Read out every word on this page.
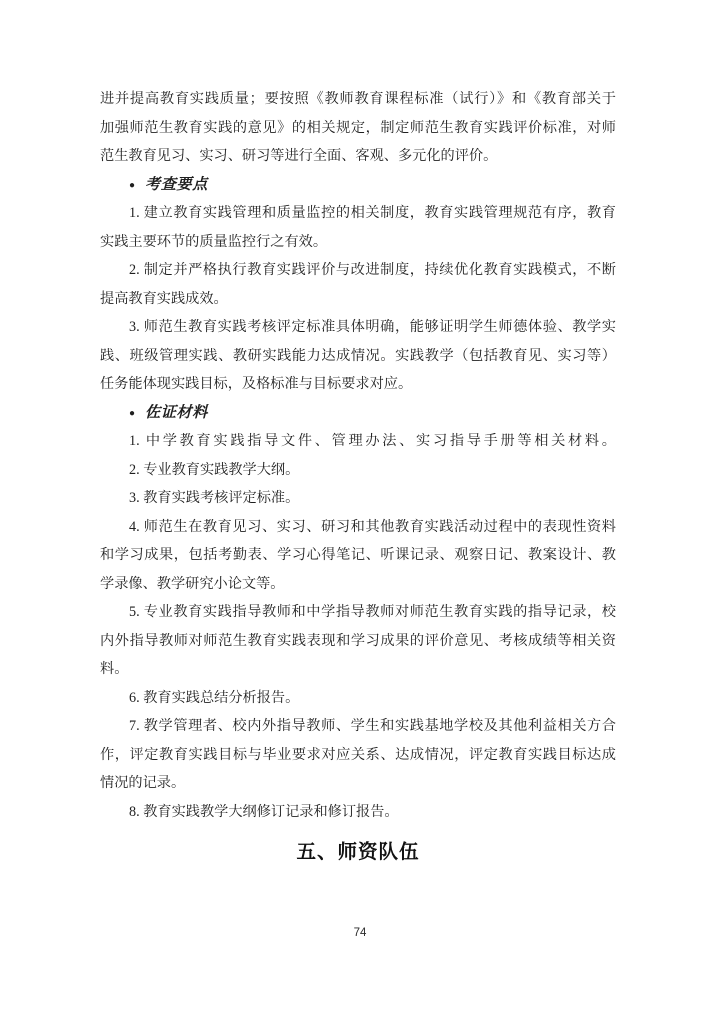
进并提高教育实践质量；要按照《教师教育课程标准（试行）》和《教育部关于
加强师范生教育实践的意见》的相关规定，制定师范生教育实践评价标准，对师
范生教育见习、实习、研习等进行全面、客观、多元化的评价。
● 考查要点
1. 建立教育实践管理和质量监控的相关制度，教育实践管理规范有序，教育
实践主要环节的质量监控行之有效。
2. 制定并严格执行教育实践评价与改进制度，持续优化教育实践模式，不断
提高教育实践成效。
3. 师范生教育实践考核评定标准具体明确，能够证明学生师德体验、教学实
践、班级管理实践、教研实践能力达成情况。实践教学（包括教育见、实习等）
任务能体现实践目标，及格标准与目标要求对应。
● 佐证材料
1. 中学教育实践指导文件、管理办法、实习指导手册等相关材料。
2. 专业教育实践教学大纲。
3. 教育实践考核评定标准。
4. 师范生在教育见习、实习、研习和其他教育实践活动过程中的表现性资料
和学习成果，包括考勤表、学习心得笔记、听课记录、观察日记、教案设计、教
学录像、教学研究小论文等。
5. 专业教育实践指导教师和中学指导教师对师范生教育实践的指导记录，校
内外指导教师对师范生教育实践表现和学习成果的评价意见、考核成绩等相关资
料。
6. 教育实践总结分析报告。
7. 教学管理者、校内外指导教师、学生和实践基地学校及其他利益相关方合
作，评定教育实践目标与毕业要求对应关系、达成情况，评定教育实践目标达成
情况的记录。
8. 教育实践教学大纲修订记录和修订报告。
五、师资队伍
74
